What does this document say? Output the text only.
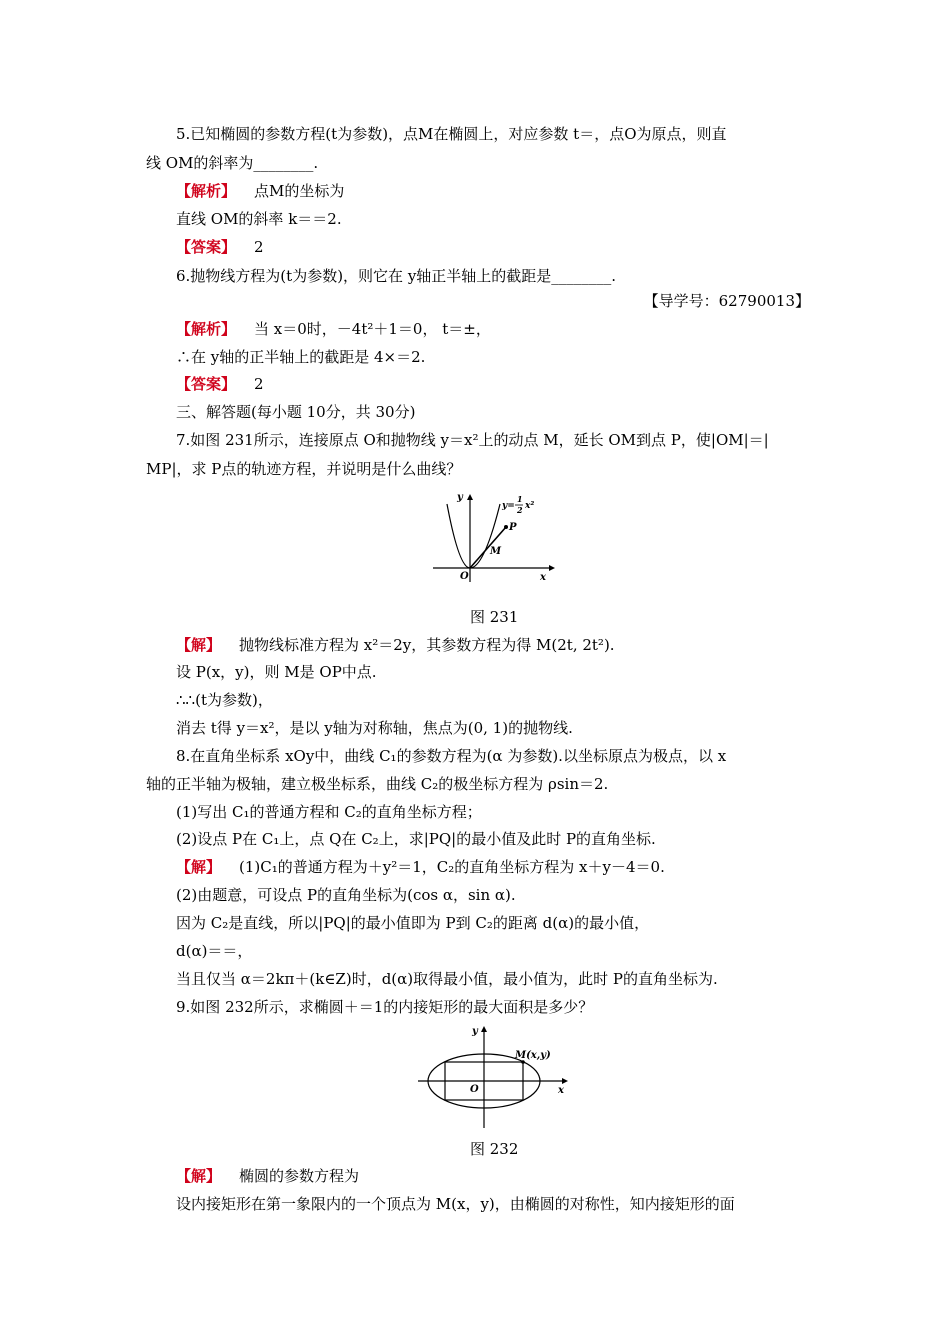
5.已知椭圆的参数方程(t为参数)，点M在椭圆上，对应参数 t＝，点O为原点，则直
线 OM的斜率为________.
【解析】 点M的坐标为
直线 OM的斜率 k＝＝2.
【答案】 2
6.抛物线方程为(t为参数)，则它在 y轴正半轴上的截距是________.
【导学号：62790013】
【解析】 当 x＝0时，－4t²＋1＝0， t＝±，
∴在 y轴的正半轴上的截距是 4×＝2.
【答案】 2
三、解答题(每小题 10分，共 30分)
7.如图 231所示，连接原点 O和抛物线 y＝x²上的动点 M，延长 OM到点 P，使|OM|＝|
MP|，求 P点的轨迹方程，并说明是什么曲线？
y
x
O
M
P
y=
1
2 x²
图 231
【解】 抛物线标准方程为 x²＝2y，其参数方程为得 M(2t, 2t²).
设 P(x，y)，则 M是 OP中点.
∴∴(t为参数)，
消去 t得 y＝x²，是以 y轴为对称轴，焦点为(0, 1)的抛物线.
8.在直角坐标系 xOy中，曲线 C₁的参数方程为(α 为参数).以坐标原点为极点，以 x
轴的正半轴为极轴，建立极坐标系，曲线 C₂的极坐标方程为 ρsin＝2.
(1)写出 C₁的普通方程和 C₂的直角坐标方程；
(2)设点 P在 C₁上，点 Q在 C₂上，求|PQ|的最小值及此时 P的直角坐标.
【解】 (1)C₁的普通方程为＋y²＝1，C₂的直角坐标方程为 x＋y－4＝0.
(2)由题意，可设点 P的直角坐标为(cos α，sin α).
因为 C₂是直线，所以|PQ|的最小值即为 P到 C₂的距离 d(α)的最小值，
d(α)＝＝，
当且仅当 α＝2kπ＋(k∈Z)时，d(α)取得最小值，最小值为，此时 P的直角坐标为.
9.如图 232所示，求椭圆＋＝1的内接矩形的最大面积是多少？
y
x
O
M(x,y)
图 232
【解】 椭圆的参数方程为
设内接矩形在第一象限内的一个顶点为 M(x，y)，由椭圆的对称性，知内接矩形的面
